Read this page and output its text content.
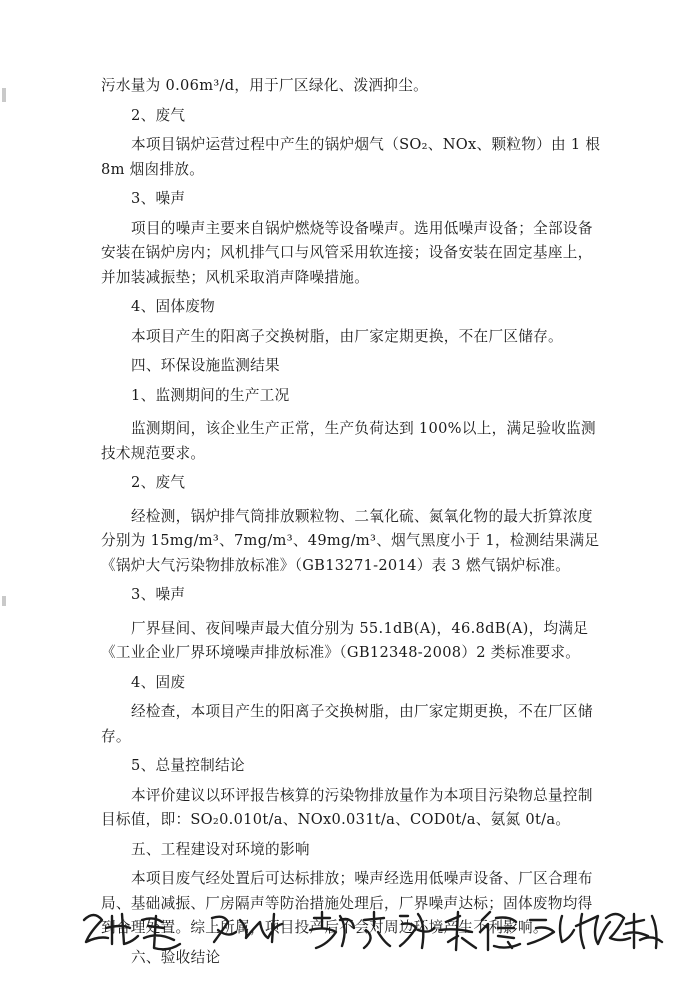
污水量为 0.06m³/d，用于厂区绿化、泼洒抑尘。

2、废气

本项目锅炉运营过程中产生的锅炉烟气（SO₂、NOx、颗粒物）由 1 根 8m 烟囱排放。

3、噪声

项目的噪声主要来自锅炉燃烧等设备噪声。选用低噪声设备；全部设备安装在锅炉房内；风机排气口与风管采用软连接；设备安装在固定基座上，并加装减振垫；风机采取消声降噪措施。

4、固体废物

本项目产生的阳离子交换树脂，由厂家定期更换，不在厂区储存。

四、环保设施监测结果

1、监测期间的生产工况

监测期间，该企业生产正常，生产负荷达到 100%以上，满足验收监测技术规范要求。

2、废气

经检测，锅炉排气筒排放颗粒物、二氧化硫、氮氧化物的最大折算浓度分别为 15mg/m³、7mg/m³、49mg/m³、烟气黑度小于 1，检测结果满足《锅炉大气污染物排放标准》（GB13271-2014）表 3 燃气锅炉标准。

3、噪声

厂界昼间、夜间噪声最大值分别为 55.1dB(A)，46.8dB(A)，均满足《工业企业厂界环境噪声排放标准》（GB12348-2008）2 类标准要求。

4、固废

经检查，本项目产生的阳离子交换树脂，由厂家定期更换，不在厂区储存。

5、总量控制结论

本评价建议以环评报告核算的污染物排放量作为本项目污染物总量控制目标值，即：SO₂0.010t/a、NOx0.031t/a、COD0t/a、氨氮 0t/a。

五、工程建设对环境的影响

本项目废气经处置后可达标排放；噪声经选用低噪声设备、厂区合理布局、基础减振、厂房隔声等防治措施处理后，厂界噪声达标；固体废物均得到合理处置。综上所属，项目投产后不会对周边环境产生不利影响。

六、验收结论
